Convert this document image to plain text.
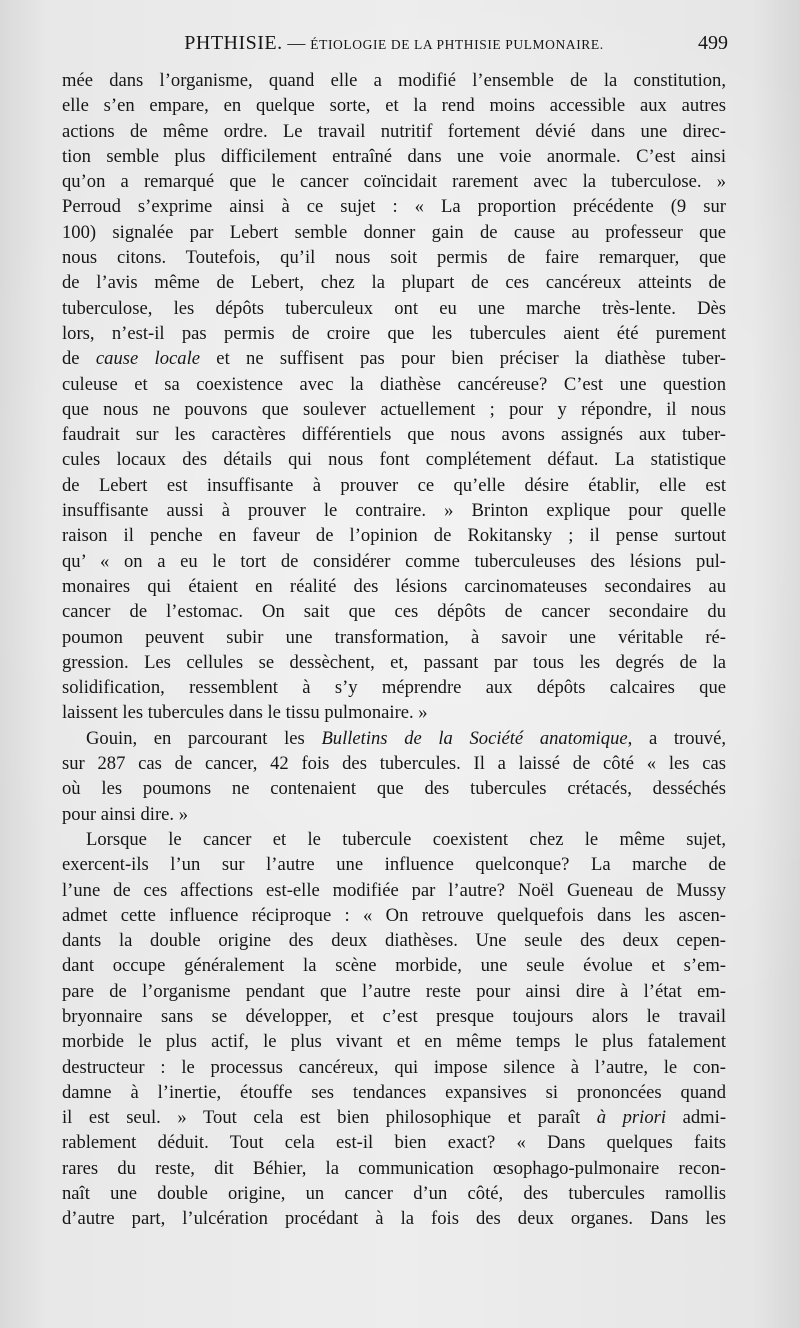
PHTHISIE. — ÉTIOLOGIE DE LA PHTHISIE PULMONAIRE.	499
mée dans l’organisme, quand elle a modifié l’ensemble de la constitution,
elle s’en empare, en quelque sorte, et la rend moins accessible aux autres
actions de même ordre. Le travail nutritif fortement dévié dans une direc-
tion semble plus difficilement entraîné dans une voie anormale. C’est ainsi
qu’on a remarqué que le cancer coïncidait rarement avec la tuberculose. »
Perroud s’exprime ainsi à ce sujet : « La proportion précédente (9 sur
100) signalée par Lebert semble donner gain de cause au professeur que
nous citons. Toutefois, qu’il nous soit permis de faire remarquer, que
de l’avis même de Lebert, chez la plupart de ces cancéreux atteints de
tuberculose, les dépôts tuberculeux ont eu une marche très-lente. Dès
lors, n’est-il pas permis de croire que les tubercules aient été purement
de cause locale et ne suffisent pas pour bien préciser la diathèse tuber-
culeuse et sa coexistence avec la diathèse cancéreuse? C’est une question
que nous ne pouvons que soulever actuellement ; pour y répondre, il nous
faudrait sur les caractères différentiels que nous avons assignés aux tuber-
cules locaux des détails qui nous font complétement défaut. La statistique
de Lebert est insuffisante à prouver ce qu’elle désire établir, elle est
insuffisante aussi à prouver le contraire. » Brinton explique pour quelle
raison il penche en faveur de l’opinion de Rokitansky ; il pense surtout
qu’ « on a eu le tort de considérer comme tuberculeuses des lésions pul-
monaires qui étaient en réalité des lésions carcinomateuses secondaires au
cancer de l’estomac. On sait que ces dépôts de cancer secondaire du
poumon peuvent subir une transformation, à savoir une véritable ré-
gression. Les cellules se dessèchent, et, passant par tous les degrés de la
solidification, ressemblent à s’y méprendre aux dépôts calcaires que
laissent les tubercules dans le tissu pulmonaire. »
Gouin, en parcourant les Bulletins de la Société anatomique, a trouvé,
sur 287 cas de cancer, 42 fois des tubercules. Il a laissé de côté « les cas
où les poumons ne contenaient que des tubercules crétacés, desséchés
pour ainsi dire. »
Lorsque le cancer et le tubercule coexistent chez le même sujet,
exercent-ils l’un sur l’autre une influence quelconque? La marche de
l’une de ces affections est-elle modifiée par l’autre? Noël Gueneau de Mussy
admet cette influence réciproque : « On retrouve quelquefois dans les ascen-
dants la double origine des deux diathèses. Une seule des deux cepen-
dant occupe généralement la scène morbide, une seule évolue et s’em-
pare de l’organisme pendant que l’autre reste pour ainsi dire à l’état em-
bryonnaire sans se développer, et c’est presque toujours alors le travail
morbide le plus actif, le plus vivant et en même temps le plus fatalement
destructeur : le processus cancéreux, qui impose silence à l’autre, le con-
damne à l’inertie, étouffe ses tendances expansives si prononcées quand
il est seul. » Tout cela est bien philosophique et paraît à priori admi-
rablement déduit. Tout cela est-il bien exact? « Dans quelques faits
rares du reste, dit Béhier, la communication œsophago-pulmonaire recon-
naît une double origine, un cancer d’un côté, des tubercules ramollis
d’autre part, l’ulcération procédant à la fois des deux organes. Dans les
